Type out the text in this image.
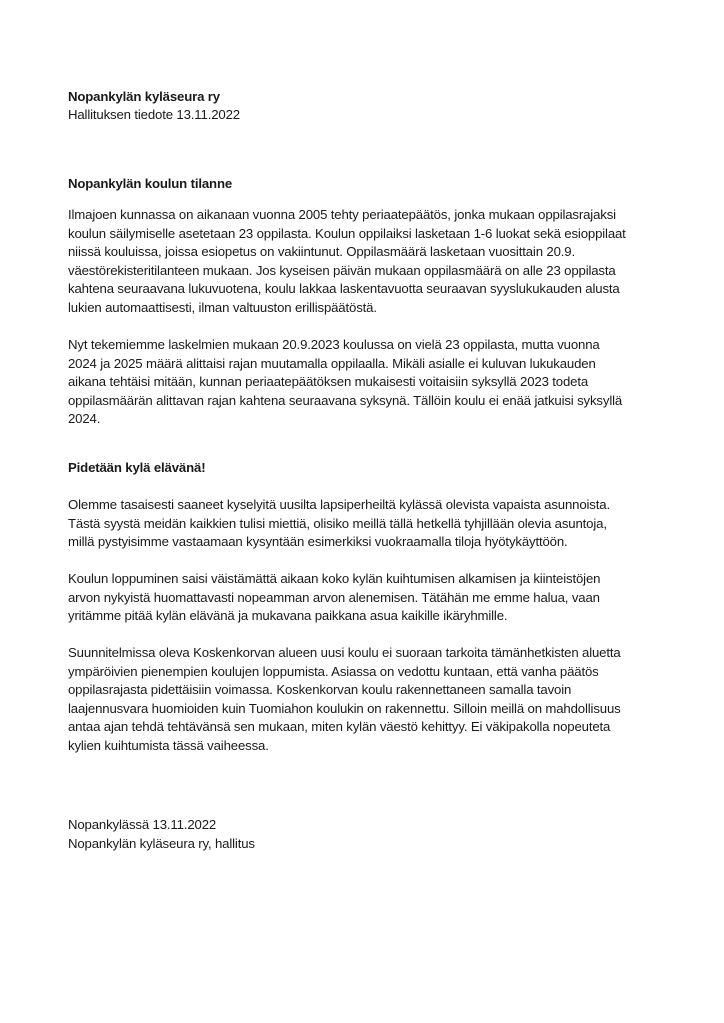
Nopankylän kyläseura ry
Hallituksen tiedote 13.11.2022
Nopankylän koulun tilanne
Ilmajoen kunnassa on aikanaan vuonna 2005 tehty periaatepäätös, jonka mukaan oppilasrajaksi
koulun säilymiselle asetetaan 23 oppilasta. Koulun oppilaiksi lasketaan 1-6 luokat sekä esioppilaat
niissä kouluissa, joissa esiopetus on vakiintunut. Oppilasmäärä lasketaan vuosittain 20.9.
väestörekisteritilanteen mukaan. Jos kyseisen päivän mukaan oppilasmäärä on alle 23 oppilasta
kahtena seuraavana lukuvuotena, koulu lakkaa laskentavuotta seuraavan syyslukukauden alusta
lukien automaattisesti, ilman valtuuston erillispäätöstä.
Nyt tekemiemme laskelmien mukaan 20.9.2023 koulussa on vielä 23 oppilasta, mutta vuonna
2024 ja 2025 määrä alittaisi rajan muutamalla oppilaalla. Mikäli asialle ei kuluvan lukukauden
aikana tehtäisi mitään, kunnan periaatepäätöksen mukaisesti voitaisiin syksyllä 2023 todeta
oppilasmäärän alittavan rajan kahtena seuraavana syksynä. Tällöin koulu ei enää jatkuisi syksyllä
2024.
Pidetään kylä elävänä!
Olemme tasaisesti saaneet kyselyitä uusilta lapsiperheiltä kylässä olevista vapaista asunnoista.
Tästä syystä meidän kaikkien tulisi miettiä, olisiko meillä tällä hetkellä tyhjillään olevia asuntoja,
millä pystyisimme vastaamaan kysyntään esimerkiksi vuokraamalla tiloja hyötykäyttöön.
Koulun loppuminen saisi väistämättä aikaan koko kylän kuihtumisen alkamisen ja kiinteistöjen
arvon nykyistä huomattavasti nopeamman arvon alenemisen. Tätähän me emme halua, vaan
yritämme pitää kylän elävänä ja mukavana paikkana asua kaikille ikäryhmille.
Suunnitelmissa oleva Koskenkorvan alueen uusi koulu ei suoraan tarkoita tämänhetkisten aluetta
ympäröivien pienempien koulujen loppumista. Asiassa on vedottu kuntaan, että vanha päätös
oppilasrajasta pidettäisiin voimassa. Koskenkorvan koulu rakennettaneen samalla tavoin
laajennusvara huomioiden kuin Tuomiahon koulukin on rakennettu. Silloin meillä on mahdollisuus
antaa ajan tehdä tehtävänsä sen mukaan, miten kylän väestö kehittyy. Ei väkipakolla nopeuteta
kylien kuihtumista tässä vaiheessa.
Nopankylässä 13.11.2022
Nopankylän kyläseura ry, hallitus
